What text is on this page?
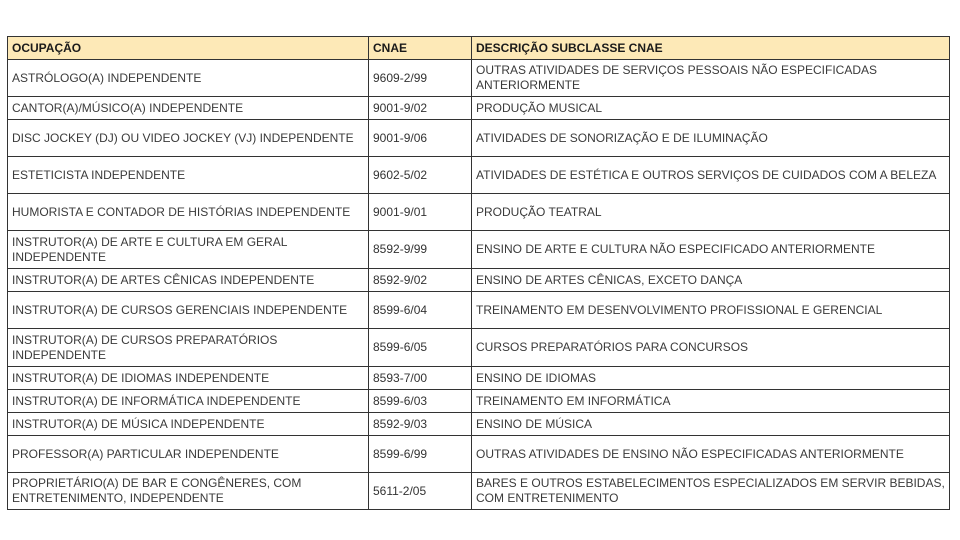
OCUPAÇÃO	CNAE	DESCRIÇÃO SUBCLASSE CNAE
ASTRÓLOGO(A) INDEPENDENTE	9609-2/99	OUTRAS ATIVIDADES DE SERVIÇOS PESSOAIS NÃO ESPECIFICADAS ANTERIORMENTE
CANTOR(A)/MÚSICO(A) INDEPENDENTE	9001-9/02	PRODUÇÃO MUSICAL
DISC JOCKEY (DJ) OU VIDEO JOCKEY (VJ) INDEPENDENTE	9001-9/06	ATIVIDADES DE SONORIZAÇÃO E DE ILUMINAÇÃO
ESTETICISTA INDEPENDENTE	9602-5/02	ATIVIDADES DE ESTÉTICA E OUTROS SERVIÇOS DE CUIDADOS COM A BELEZA
HUMORISTA E CONTADOR DE HISTÓRIAS INDEPENDENTE	9001-9/01	PRODUÇÃO TEATRAL
INSTRUTOR(A) DE ARTE E CULTURA EM GERAL INDEPENDENTE	8592-9/99	ENSINO DE ARTE E CULTURA NÃO ESPECIFICADO ANTERIORMENTE
INSTRUTOR(A) DE ARTES CÊNICAS INDEPENDENTE	8592-9/02	ENSINO DE ARTES CÊNICAS, EXCETO DANÇA
INSTRUTOR(A) DE CURSOS GERENCIAIS INDEPENDENTE	8599-6/04	TREINAMENTO EM DESENVOLVIMENTO PROFISSIONAL E GERENCIAL
INSTRUTOR(A) DE CURSOS PREPARATÓRIOS INDEPENDENTE	8599-6/05	CURSOS PREPARATÓRIOS PARA CONCURSOS
INSTRUTOR(A) DE IDIOMAS INDEPENDENTE	8593-7/00	ENSINO DE IDIOMAS
INSTRUTOR(A) DE INFORMÁTICA INDEPENDENTE	8599-6/03	TREINAMENTO EM INFORMÁTICA
INSTRUTOR(A) DE MÚSICA INDEPENDENTE	8592-9/03	ENSINO DE MÚSICA
PROFESSOR(A) PARTICULAR INDEPENDENTE	8599-6/99	OUTRAS ATIVIDADES DE ENSINO NÃO ESPECIFICADAS ANTERIORMENTE
PROPRIETÁRIO(A) DE BAR E CONGÊNERES, COM ENTRETENIMENTO, INDEPENDENTE	5611-2/05	BARES E OUTROS ESTABELECIMENTOS ESPECIALIZADOS EM SERVIR BEBIDAS, COM ENTRETENIMENTO
